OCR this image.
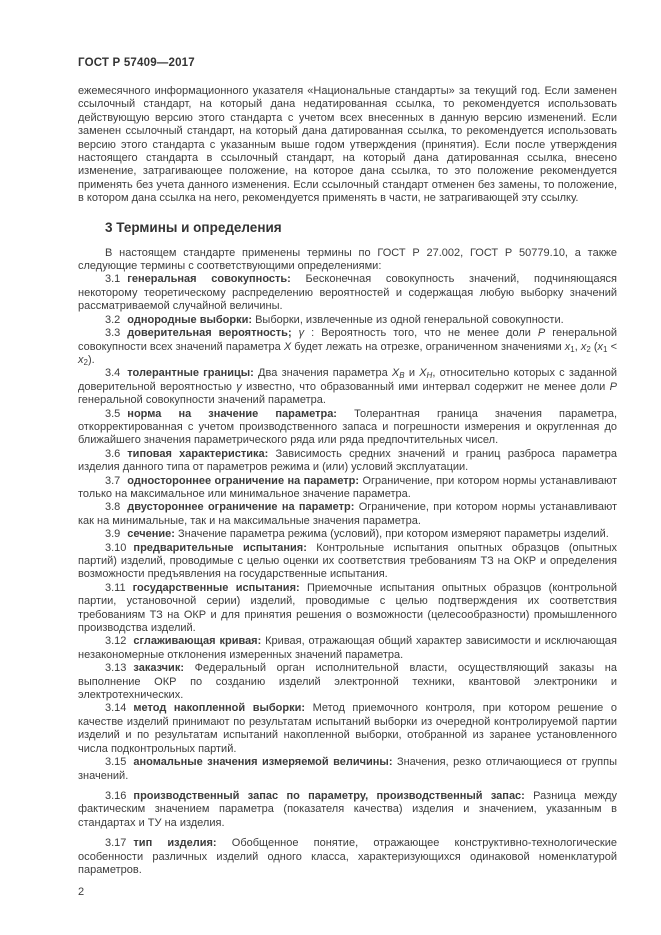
ГОСТ Р 57409—2017

ежемесячного информационного указателя «Национальные стандарты» за текущий год. Если заменен ссылочный стандарт, на который дана недатированная ссылка, то рекомендуется использовать действующую версию этого стандарта с учетом всех внесенных в данную версию изменений. Если заменен ссылочный стандарт, на который дана датированная ссылка, то рекомендуется использовать версию этого стандарта с указанным выше годом утверждения (принятия). Если после утверждения настоящего стандарта в ссылочный стандарт, на который дана датированная ссылка, внесено изменение, затрагивающее положение, на которое дана ссылка, то это положение рекомендуется применять без учета данного изменения. Если ссылочный стандарт отменен без замены, то положение, в котором дана ссылка на него, рекомендуется применять в части, не затрагивающей эту ссылку.

3 Термины и определения

В настоящем стандарте применены термины по ГОСТ Р 27.002, ГОСТ Р 50779.10, а также следующие термины с соответствующими определениями:

3.1 генеральная совокупность: Бесконечная совокупность значений, подчиняющаяся некоторому теоретическому распределению вероятностей и содержащая любую выборку значений рассматриваемой случайной величины.

3.2 однородные выборки: Выборки, извлеченные из одной генеральной совокупности.

3.3 доверительная вероятность; γ : Вероятность того, что не менее доли P генеральной совокупности всех значений параметра X будет лежать на отрезке, ограниченном значениями $x_1$, $x_2$ $(x_1 < x_2)$.

3.4 толерантные границы: Два значения параметра $X_В$ и $X_Н$, относительно которых с заданной доверительной вероятностью γ известно, что образованный ими интервал содержит не менее доли P генеральной совокупности значений параметра.

3.5 норма на значение параметра: Толерантная граница значения параметра, откорректированная с учетом производственного запаса и погрешности измерения и округленная до ближайшего значения параметрического ряда или ряда предпочтительных чисел.

3.6 типовая характеристика: Зависимость средних значений и границ разброса параметра изделия данного типа от параметров режима и (или) условий эксплуатации.

3.7 одностороннее ограничение на параметр: Ограничение, при котором нормы устанавливают только на максимальное или минимальное значение параметра.

3.8 двустороннее ограничение на параметр: Ограничение, при котором нормы устанавливают как на минимальные, так и на максимальные значения параметра.

3.9 сечение: Значение параметра режима (условий), при котором измеряют параметры изделий.

3.10 предварительные испытания: Контрольные испытания опытных образцов (опытных партий) изделий, проводимые с целью оценки их соответствия требованиям ТЗ на ОКР и определения возможности предъявления на государственные испытания.

3.11 государственные испытания: Приемочные испытания опытных образцов (контрольной партии, установочной серии) изделий, проводимые с целью подтверждения их соответствия требованиям ТЗ на ОКР и для принятия решения о возможности (целесообразности) промышленного производства изделий.

3.12 сглаживающая кривая: Кривая, отражающая общий характер зависимости и исключающая незакономерные отклонения измеренных значений параметра.

3.13 заказчик: Федеральный орган исполнительной власти, осуществляющий заказы на выполнение ОКР по созданию изделий электронной техники, квантовой электроники и электротехнических.

3.14 метод накопленной выборки: Метод приемочного контроля, при котором решение о качестве изделий принимают по результатам испытаний выборки из очередной контролируемой партии изделий и по результатам испытаний накопленной выборки, отобранной из заранее установленного числа подконтрольных партий.

3.15 аномальные значения измеряемой величины: Значения, резко отличающиеся от группы значений.

3.16 производственный запас по параметру, производственный запас: Разница между фактическим значением параметра (показателя качества) изделия и значением, указанным в стандартах и ТУ на изделия.

3.17 тип изделия: Обобщенное понятие, отражающее конструктивно-технологические особенности различных изделий одного класса, характеризующихся одинаковой номенклатурой параметров.

2
